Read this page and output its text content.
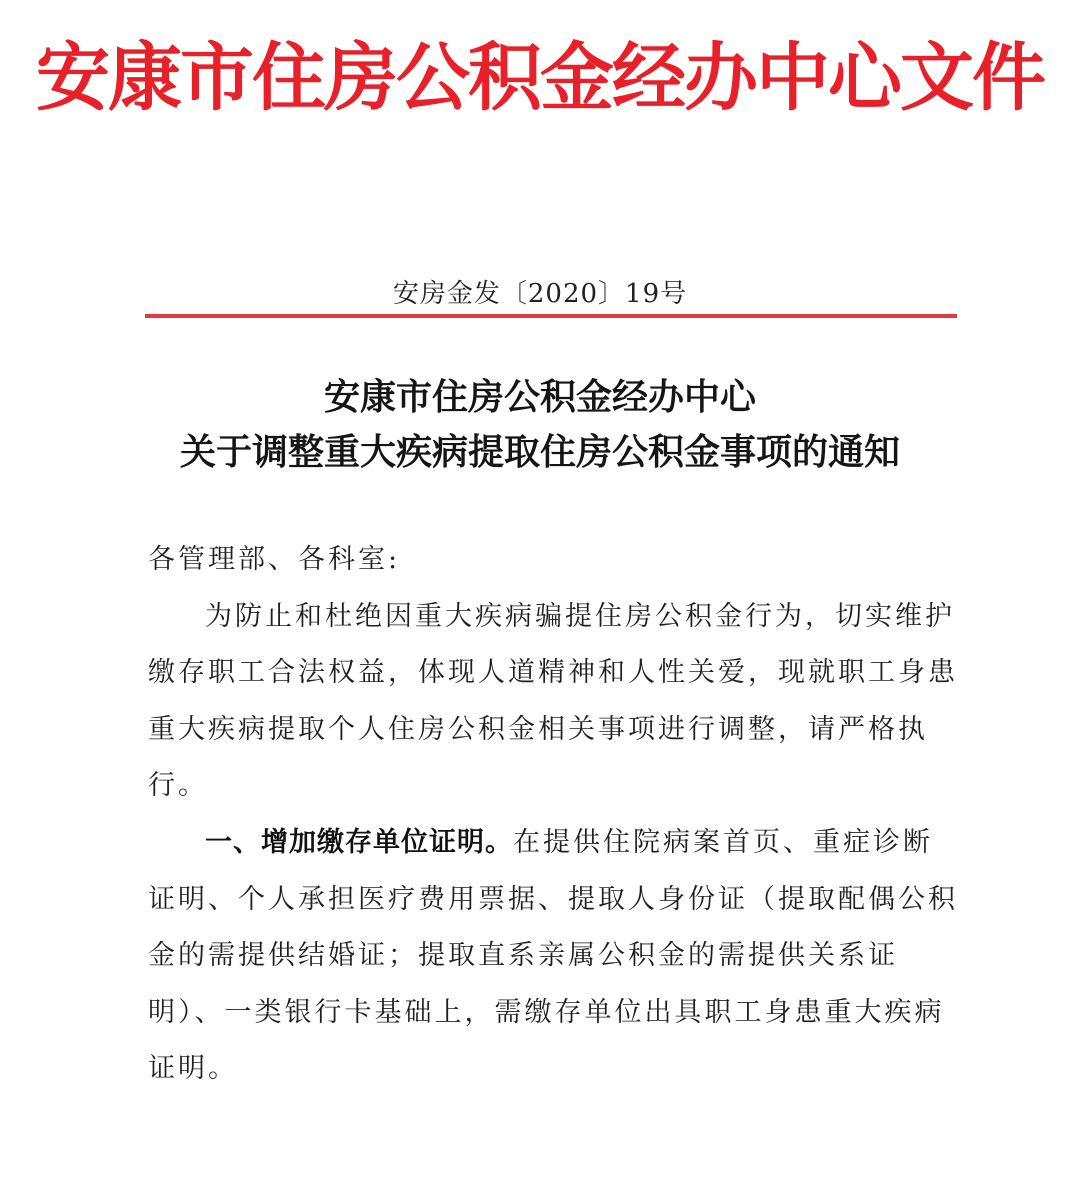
安康市住房公积金经办中心文件
安房金发〔2020〕19号
安康市住房公积金经办中心
关于调整重大疾病提取住房公积金事项的通知

各管理部、各科室:

为防止和杜绝因重大疾病骗提住房公积金行为，切实维护缴存职工合法权益，体现人道精神和人性关爱，现就职工身患重大疾病提取个人住房公积金相关事项进行调整，请严格执行。

一、增加缴存单位证明。在提供住院病案首页、重症诊断证明、个人承担医疗费用票据、提取人身份证（提取配偶公积金的需提供结婚证；提取直系亲属公积金的需提供关系证明）、一类银行卡基础上，需缴存单位出具职工身患重大疾病证明。
